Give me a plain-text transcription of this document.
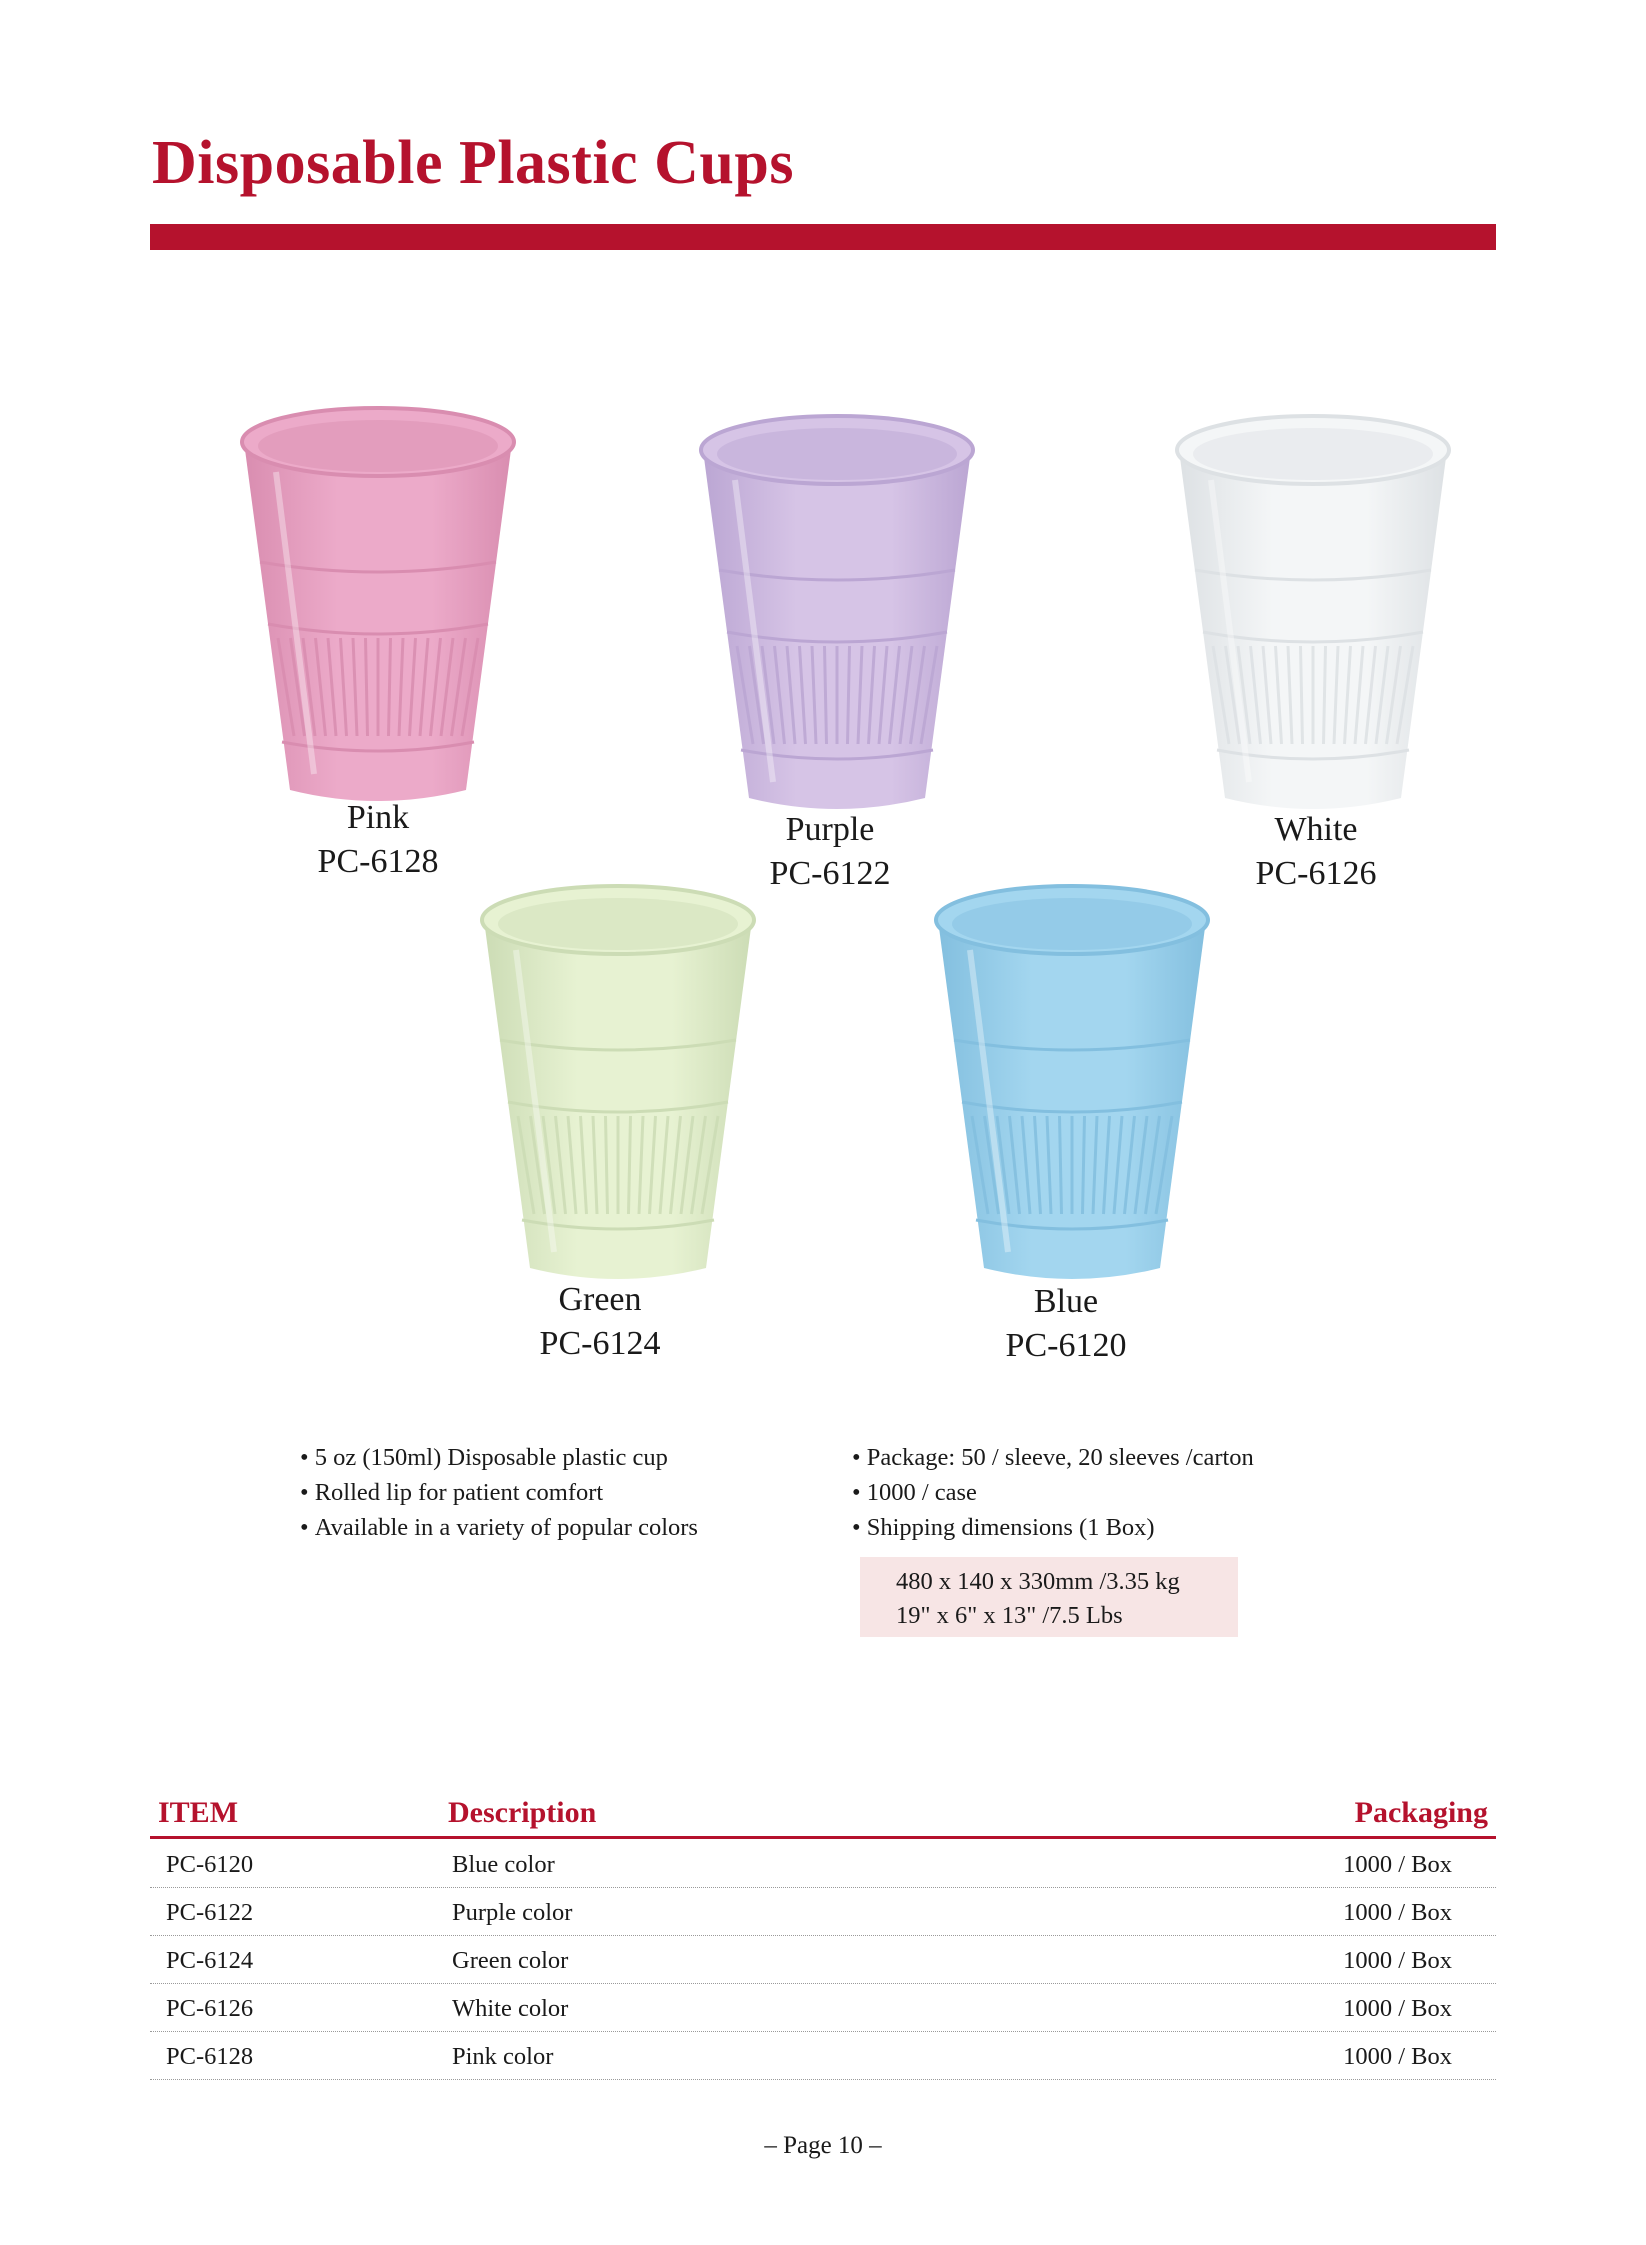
Disposable Plastic Cups
Pink
PC-6128
Purple
PC-6122
White
PC-6126
Green
PC-6124
Blue
PC-6120
• 5 oz (150ml) Disposable plastic cup
• Rolled lip for patient comfort
• Available in a variety of popular colors
• Package: 50 / sleeve, 20 sleeves /carton
• 1000 / case
• Shipping dimensions (1 Box)
480 x 140 x 330mm /3.35 kg
19" x 6" x 13" /7.5 Lbs
ITEM	Description	Packaging
PC-6120	Blue color	1000 / Box
PC-6122	Purple color	1000 / Box
PC-6124	Green color	1000 / Box
PC-6126	White color	1000 / Box
PC-6128	Pink color	1000 / Box
– Page 10 –
